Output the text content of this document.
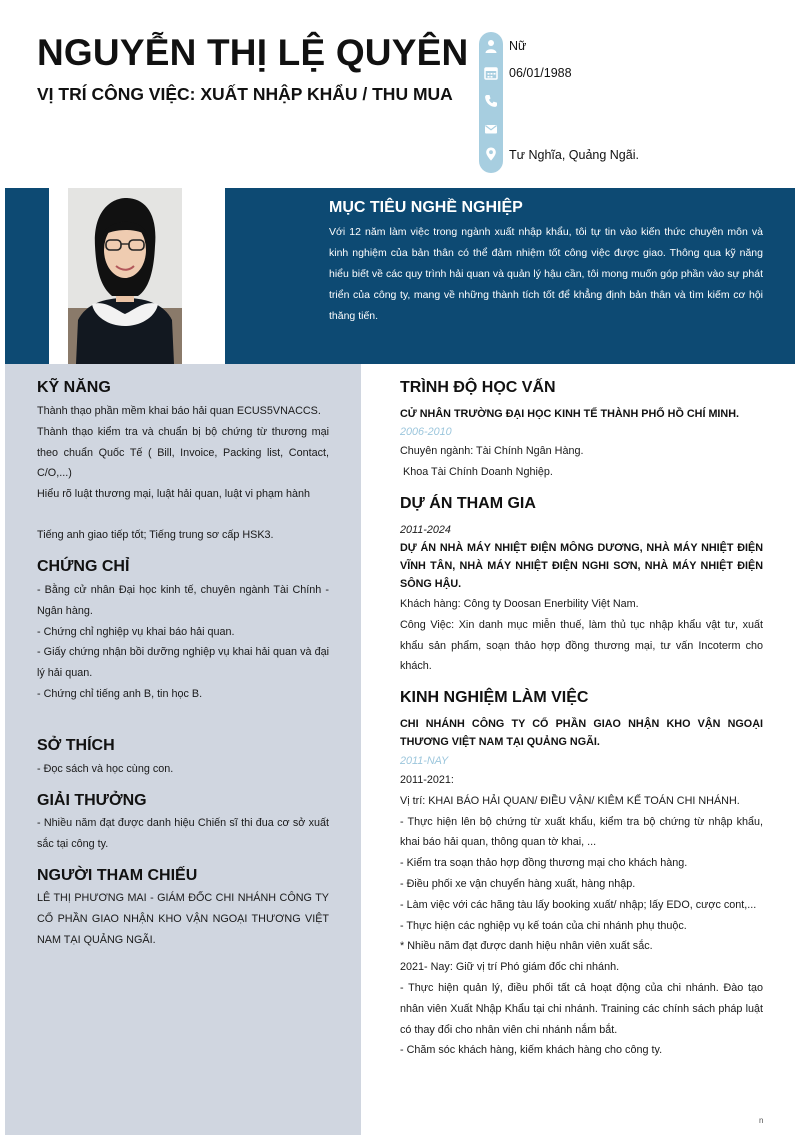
NGUYỄN THỊ LỆ QUYÊN
VỊ TRÍ CÔNG VIỆC: XUẤT NHẬP KHẨU / THU MUA
Nữ
06/01/1988
Tư Nghĩa, Quảng Ngãi.
MỤC TIÊU NGHỀ NGHIỆP
Với 12 năm làm việc trong ngành xuất nhập khẩu, tôi tự tin vào kiến thức chuyên môn và kinh nghiệm của bản thân có thể đảm nhiệm tốt công việc được giao. Thông qua kỹ năng hiểu biết về các quy trình hải quan và quản lý hậu cần, tôi mong muốn góp phần vào sự phát triển của công ty, mang về những thành tích tốt để khẳng định bản thân và tìm kiếm cơ hội thăng tiến.
KỸ NĂNG
Thành thạo phần mềm khai báo hải quan ECUS5VNACCS.
Thành thạo kiểm tra và chuẩn bị bộ chứng từ thương mại theo chuẩn Quốc Tế ( Bill, Invoice, Packing list, Contact, C/O,...)
Hiểu rõ luật thương mại, luật hải quan, luật vi phạm hành
Tiếng anh giao tiếp tốt; Tiếng trung sơ cấp HSK3.
CHỨNG CHỈ
- Bằng cử nhân Đại học kinh tế, chuyên ngành Tài Chính - Ngân hàng.
- Chứng chỉ nghiệp vụ khai báo hải quan.
- Giấy chứng nhận bồi dưỡng nghiệp vụ khai hải quan và đại lý hải quan.
- Chứng chỉ tiếng anh B, tin học B.
SỞ THÍCH
- Đọc sách và học cùng con.
GIẢI THƯỞNG
- Nhiều năm đạt được danh hiệu Chiến sĩ thi đua cơ sở xuất sắc tại công ty.
NGƯỜI THAM CHIẾU
LÊ THỊ PHƯƠNG MAI - GIÁM ĐỐC CHI NHÁNH CÔNG TY CỔ PHẦN GIAO NHẬN KHO VẬN NGOẠI THƯƠNG VIỆT NAM TẠI QUẢNG NGÃI.
TRÌNH ĐỘ HỌC VẤN
CỬ NHÂN TRƯỜNG ĐẠI HỌC KINH TẾ THÀNH PHỐ HỒ CHÍ MINH.
2006-2010
Chuyên ngành: Tài Chính Ngân Hàng.
Khoa Tài Chính Doanh Nghiệp.
DỰ ÁN THAM GIA
2011-2024
DỰ ÁN NHÀ MÁY NHIỆT ĐIỆN MÔNG DƯƠNG, NHÀ MÁY NHIỆT ĐIỆN VĨNH TÂN, NHÀ MÁY NHIỆT ĐIỆN NGHI SƠN, NHÀ MÁY NHIỆT ĐIỆN SÔNG HẬU.
Khách hàng: Công ty Doosan Enerbility Việt Nam.
Công Việc: Xin danh mục miễn thuế, làm thủ tục nhập khẩu vật tư, xuất khẩu sản phẩm, soạn thảo hợp đồng thương mại, tư vấn Incoterm cho khách.
KINH NGHIỆM LÀM VIỆC
CHI NHÁNH CÔNG TY CỔ PHẦN GIAO NHẬN KHO VẬN NGOẠI THƯƠNG VIỆT NAM TẠI QUẢNG NGÃI.
2011-NAY
2011-2021:
Vị trí: KHAI BÁO HẢI QUAN/ ĐIỀU VẬN/ KIÊM KẾ TOÁN CHI NHÁNH.
- Thực hiện lên bộ chứng từ xuất khẩu, kiểm tra bộ chứng từ nhập khẩu, khai báo hải quan, thông quan tờ khai, ...
- Kiểm tra soạn thảo hợp đồng thương mại cho khách hàng.
- Điều phối xe vận chuyển hàng xuất, hàng nhập.
- Làm việc với các hãng tàu lấy booking xuất/ nhập; lấy EDO, cược cont,...
- Thực hiện các nghiệp vụ kế toán của chi nhánh phụ thuộc.
* Nhiều năm đạt được danh hiệu nhân viên xuất sắc.
2021- Nay: Giữ vị trí Phó giám đốc chi nhánh.
- Thực hiện quản lý, điều phối tất cả hoạt động của chi nhánh. Đào tạo nhân viên Xuất Nhập Khẩu tại chi nhánh. Training các chính sách pháp luật có thay đổi cho nhân viên chi nhánh nắm bắt.
- Chăm sóc khách hàng, kiếm khách hàng cho công ty.
n
